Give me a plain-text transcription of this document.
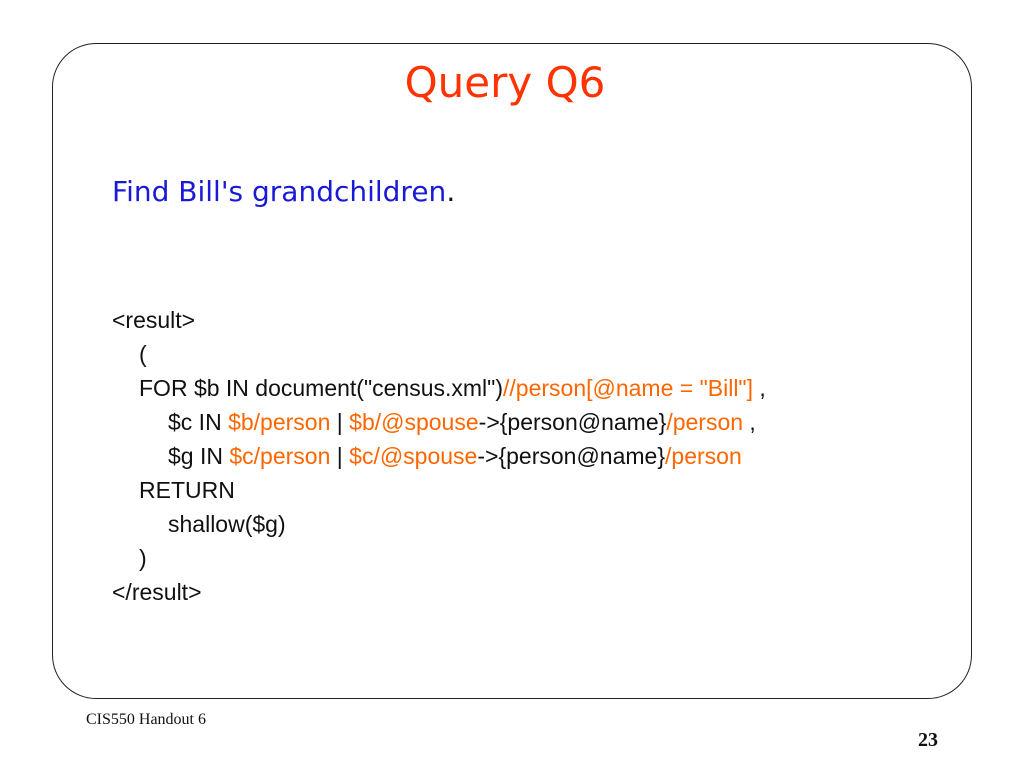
Query Q6

Find Bill's grandchildren.

<result>
(
FOR $b IN document("census.xml")//person[@name = "Bill"] ,
$c IN $b/person | $b/@spouse->{person@name}/person ,
$g IN $c/person | $c/@spouse->{person@name}/person
RETURN
shallow($g)
)
</result>
CIS550 Handout 6
23
